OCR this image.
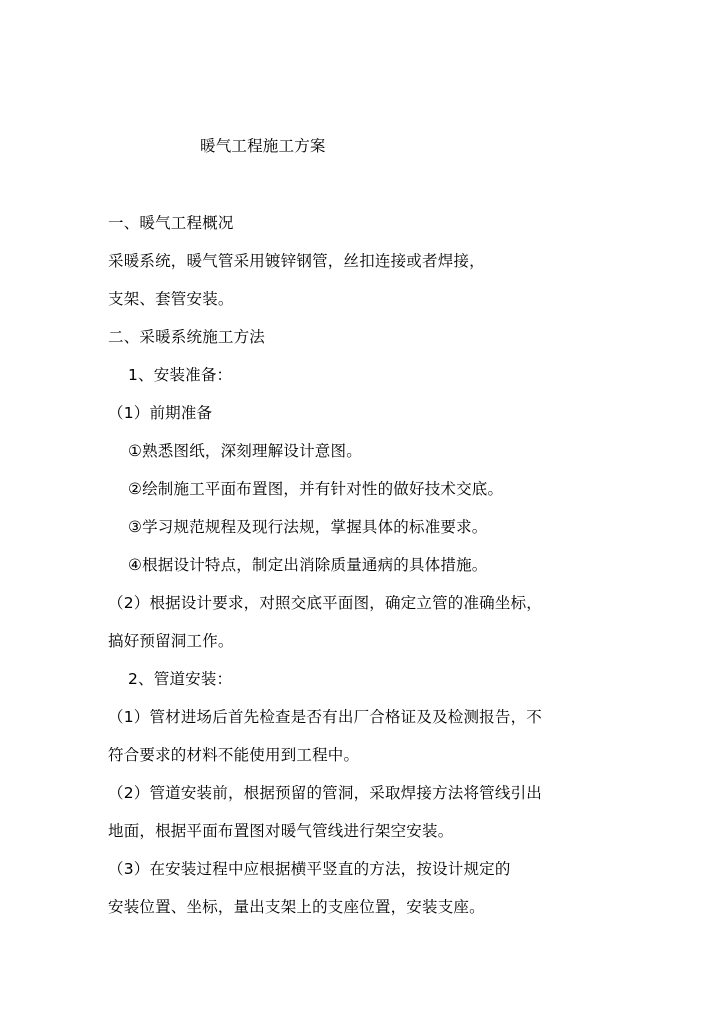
暖气工程施工方案
一、暖气工程概况
采暖系统，暖气管采用镀锌钢管，丝扣连接或者焊接，
支架、套管安装。
二、采暖系统施工方法
1、安装准备：
（1）前期准备
①熟悉图纸，深刻理解设计意图。
②绘制施工平面布置图，并有针对性的做好技术交底。
③学习规范规程及现行法规，掌握具体的标准要求。
④根据设计特点，制定出消除质量通病的具体措施。
（2）根据设计要求，对照交底平面图，确定立管的准确坐标，
搞好预留洞工作。
2、管道安装：
（1）管材进场后首先检查是否有出厂合格证及及检测报告，不
符合要求的材料不能使用到工程中。
（2）管道安装前，根据预留的管洞，采取焊接方法将管线引出
地面，根据平面布置图对暖气管线进行架空安装。
（3）在安装过程中应根据横平竖直的方法，按设计规定的
安装位置、坐标，量出支架上的支座位置，安装支座。
